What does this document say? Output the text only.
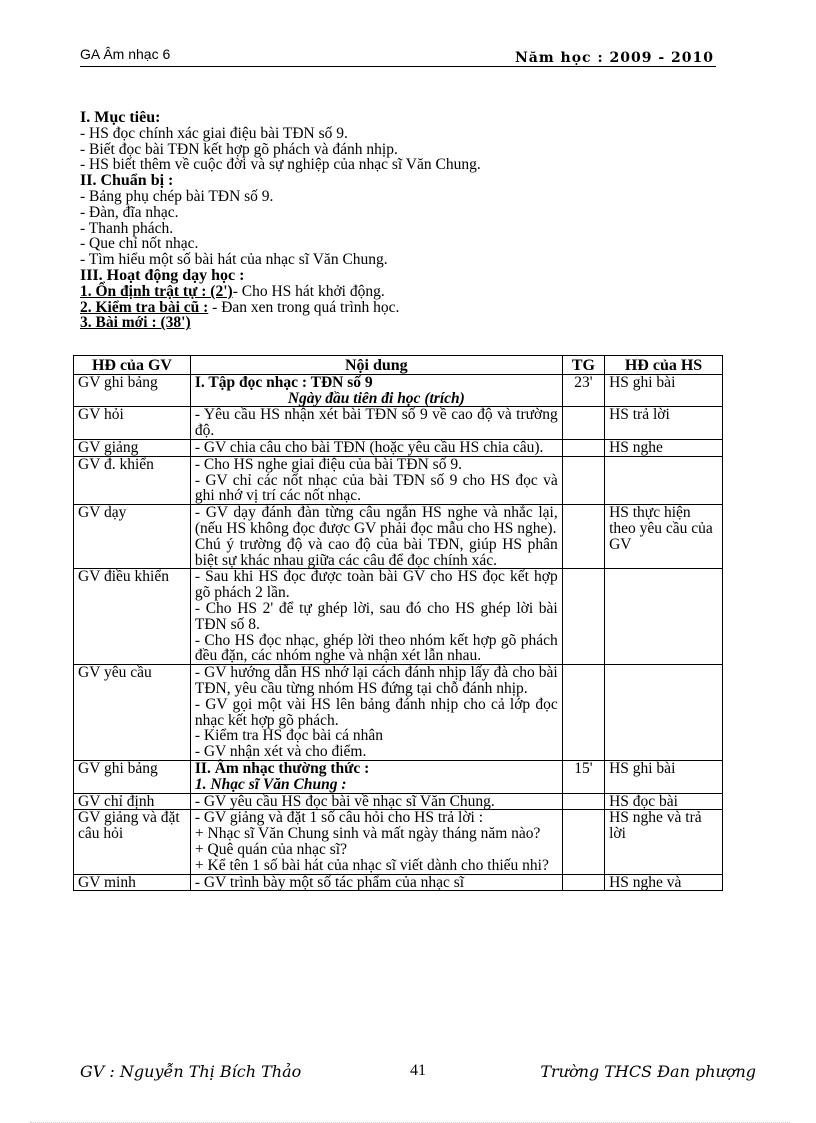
GA Âm nhạc 6	Năm học : 2009 - 2010
I. Mục tiêu:
- HS đọc chính xác giai điệu bài TĐN số 9.
- Biết đọc bài TĐN kết hợp gõ phách và đánh nhịp.
- HS biết thêm về cuộc đời và sự nghiệp của nhạc sĩ Văn Chung.
II. Chuẩn bị :
- Bảng phụ chép bài TĐN số 9.
- Đàn, đĩa nhạc.
- Thanh phách.
- Que chỉ nốt nhạc.
- Tìm hiểu một số bài hát của nhạc sĩ Văn Chung.
III. Hoạt động dạy học :
1. Ổn định trật tự : (2')- Cho HS hát khởi động.
2. Kiểm tra bài cũ : - Đan xen trong quá trình học.
3. Bài mới : (38')
HĐ của GV	Nội dung	TG	HĐ của HS
GV ghi bảng	I. Tập đọc nhạc : TĐN số 9
Ngày đầu tiên đi học (trích)	23'	HS ghi bài
GV hỏi	- Yêu cầu HS nhận xét bài TĐN số 9 về cao độ và trường độ.		HS trả lời
GV giảng	- GV chia câu cho bài TĐN (hoặc yêu cầu HS chia câu).		HS nghe
GV đ. khiển	- Cho HS nghe giai điệu của bài TĐN số 9.
- GV chỉ các nốt nhạc của bài TĐN số 9 cho HS đọc và ghi nhớ vị trí các nốt nhạc.		

GV dạy	- GV dạy đánh đàn từng câu ngắn HS nghe và nhắc lại, (nếu HS không đọc được GV phải đọc mẫu cho HS nghe).
Chú ý trường độ và cao độ của bài TĐN, giúp HS phân biệt sự khác nhau giữa các câu để đọc chính xác.		HS thực hiện theo yêu cầu của GV
GV điều khiển	- Sau khi HS đọc được toàn bài GV cho HS đọc kết hợp gõ phách 2 lần.
- Cho HS 2' để tự ghép lời, sau đó cho HS ghép lời bài TĐN số 8.
- Cho HS đọc nhạc, ghép lời theo nhóm kết hợp gõ phách đều đặn, các nhóm nghe và nhận xét lẫn nhau.		

GV yêu cầu	- GV hướng dẫn HS nhớ lại cách đánh nhịp lấy đà cho bài TĐN, yêu cầu từng nhóm HS đứng tại chỗ đánh nhịp.
- GV gọi một vài HS lên bảng đánh nhịp cho cả lớp đọc nhạc kết hợp gõ phách.
- Kiểm tra HS đọc bài cá nhân
- GV nhận xét và cho điểm.		

GV ghi bảng	II. Âm nhạc thường thức :
1. Nhạc sĩ Văn Chung :	15'	HS ghi bài
GV chỉ định	- GV yêu cầu HS đọc bài về nhạc sĩ Văn Chung.		HS đọc bài
GV giảng và đặt câu hỏi	- GV giảng và đặt 1 số câu hỏi cho HS trả lời :
+ Nhạc sĩ Văn Chung sinh và mất ngày tháng năm nào?
+ Quê quán của nhạc sĩ?
+ Kể tên 1 số bài hát của nhạc sĩ viết dành cho thiếu nhi?		HS nghe và trả lời
GV minh	- GV trình bày một số tác phẩm của nhạc sĩ		HS nghe và
GV : Nguyễn Thị Bích Thảo	41	Trường THCS Đan phượng
